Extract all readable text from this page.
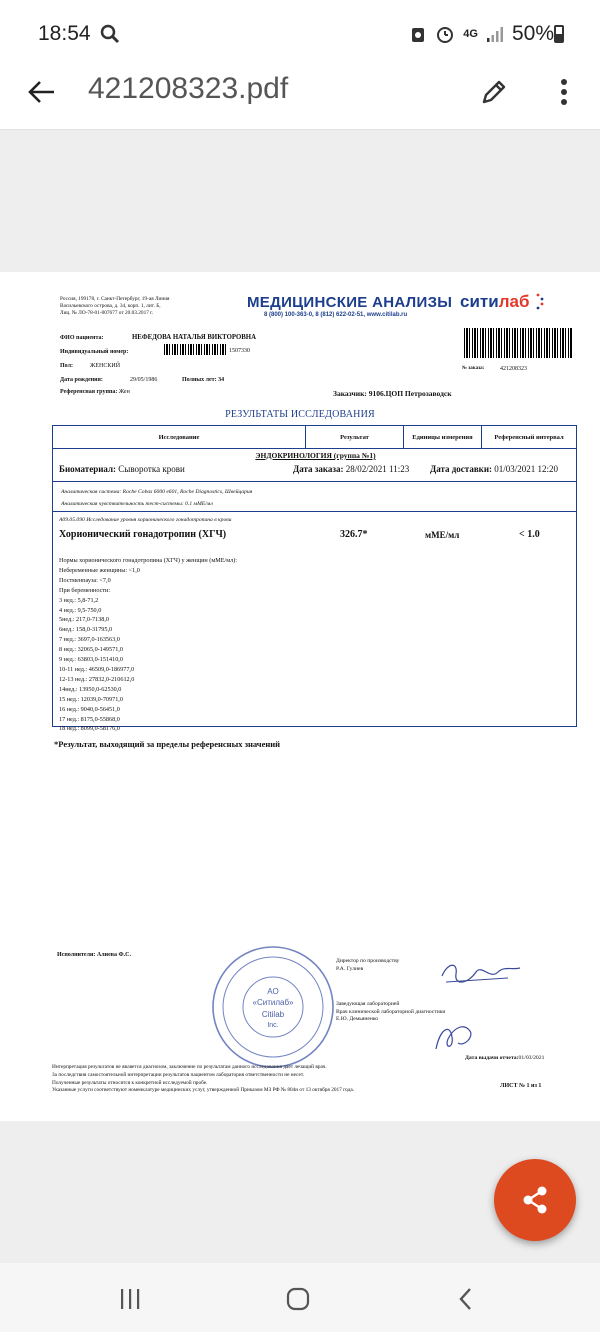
18:54	4G 50%
421208323.pdf
Россия, 199178, г. Санкт-Петербург, 19-ая Линия
Васильевского острова, д. 34, корп. 1, лит. Б,
Лиц. № ЛО-78-01-007677 от 20.03.2017 г.
МЕДИЦИНСКИЕ АНАЛИЗЫ
8 (800) 100-363-0, 8 (812) 622-02-51, www.citilab.ru
ситилаб
ФИО пациента:	НЕФЕДОВА НАТАЛЬЯ ВИКТОРОВНА
Индивидуальный номер:	1507330
Пол:	ЖЕНСКИЙ
Дата рождения:	29/05/1986	Полных лет: 34
Референсная группа: Жен
№ заказа:	421208323
Заказчик: 9106.ЦОП Петрозаводск
РЕЗУЛЬТАТЫ ИССЛЕДОВАНИЯ
Исследование	Результат	Единицы измерения	Референсный интервал
ЭНДОКРИНОЛОГИЯ (группа №1)
Биоматериал: Сыворотка крови	Дата заказа: 28/02/2021 11:23 Дата доставки: 01/03/2021 12:20
Аналитическая система: Roche Cobas 6000 e601, Roche Diagnostics, Швейцария
Аналитическая чувствительность тест-системы: 0.1 мМЕ/мл
A09.05.090 Исследование уровня хорионического гонадотропина в крови
Хорионический гонадотропин (ХГЧ)	326.7*	мМЕ/мл	< 1.0
Нормы хорионического гонадотропина (ХГЧ) у женщин (мМЕ/мл):
Небеременные женщины: <1,0
Постменпауза: <7,0
При беременности:
3 нед.: 5,8-71,2
4 нед.: 9,5-750,0
5нед.: 217,0-7138,0
6нед.: 158,0-31795,0
7 нед.: 3697,0-163563,0
8 нед.: 32065,0-149571,0
9 нед.: 63803,0-151410,0
10-11 нед.: 46509,0-186977,0
12-13 нед.: 27832,0-210612,0
14нед.: 13950,0-62530,0
15 нед.: 12039,0-70971,0
16 нед.: 9040,0-56451,0
17 нед.: 8175,0-55868,0
18 нед.: 8099,0-58176,0
*Результат, выходящий за пределы референсных значений
Исполнители: Алиева Ф.С.
АО
«Ситилаб»
Citilab
Inc.
Директор по производству
Р.А. Гулиев
Заведующая лабораторией
Врач клинической лабораторной диагностики
Е.Ю. Демьяненко
Дата выдачи отчета:01/03/2021
Интерпретация результатов не является диагнозом, заключение по результатам данного исследования дает лечащий врач.
За последствия самостоятельной интерпретации результатов пациентом лаборатория ответственности не несет.
Полученные результаты относятся к конкретной исследуемой пробе.
Указанные услуги соответствуют номенклатуре медицинских услуг, утвержденной Приказом МЗ РФ № 804н от 13 октября 2017 года.
ЛИСТ № 1 из 1
